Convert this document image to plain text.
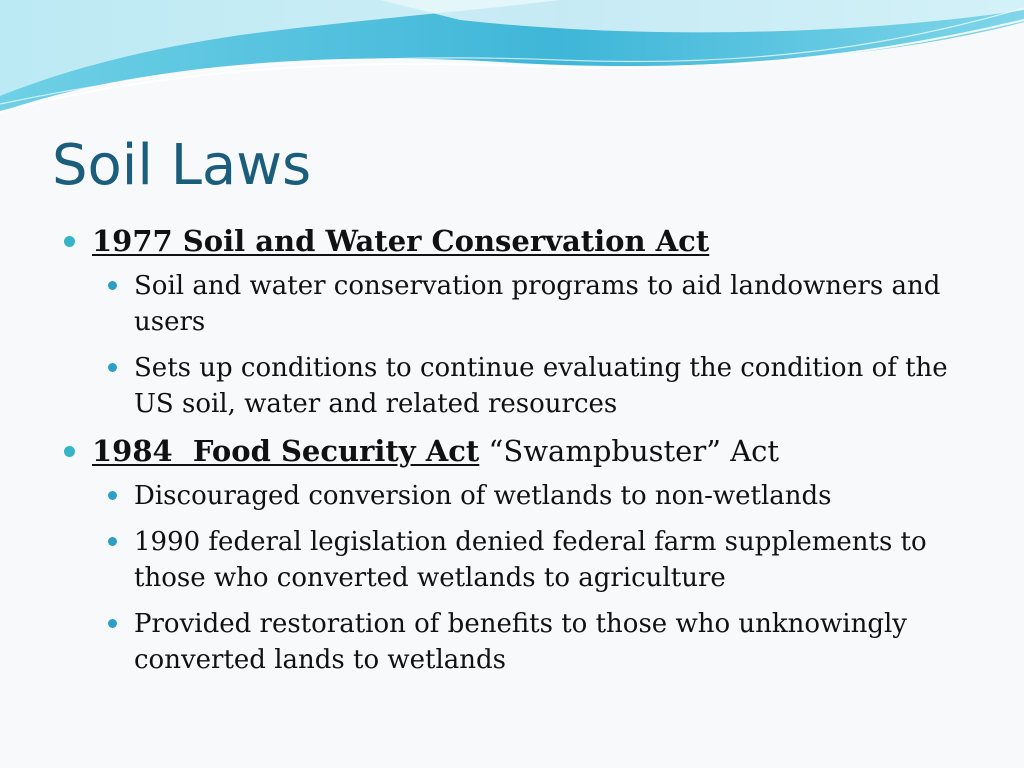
Soil Laws
1977 Soil and Water Conservation Act
Soil and water conservation programs to aid landowners and users
Sets up conditions to continue evaluating the condition of the US soil, water and related resources
1984  Food Security Act “Swampbuster” Act
Discouraged conversion of wetlands to non-wetlands
1990 federal legislation denied federal farm supplements to those who converted wetlands to agriculture
Provided restoration of benefits to those who unknowingly converted lands to wetlands
